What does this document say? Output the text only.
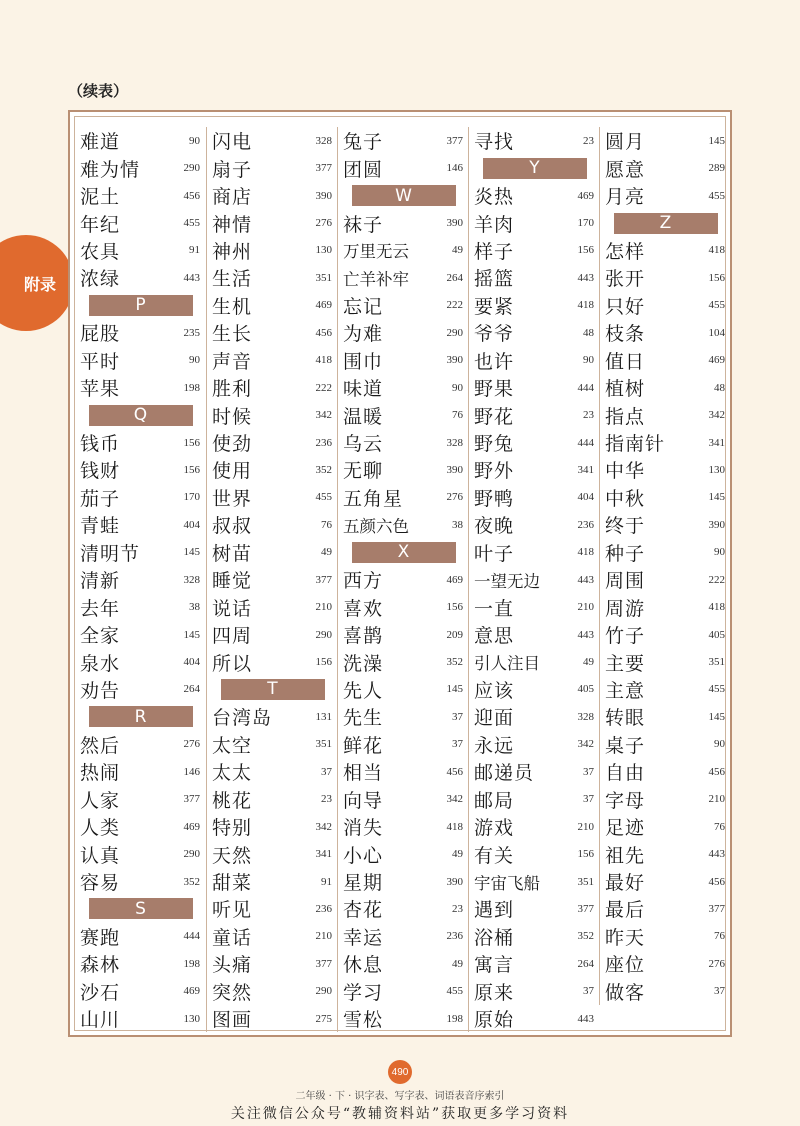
（续表）
附录
难道	90
难为情	290
泥土	456
年纪	455
农具	91
浓绿	443
P
屁股	235
平时	90
苹果	198
Q
钱币	156
钱财	156
茄子	170
青蛙	404
清明节	145
清新	328
去年	38
全家	145
泉水	404
劝告	264
R
然后	276
热闹	146
人家	377
人类	469
认真	290
容易	352
S
赛跑	444
森林	198
沙石	469
山川	130
闪电	328
扇子	377
商店	390
神情	276
神州	130
生活	351
生机	469
生长	456
声音	418
胜利	222
时候	342
使劲	236
使用	352
世界	455
叔叔	76
树苗	49
睡觉	377
说话	210
四周	290
所以	156
T
台湾岛	131
太空	351
太太	37
桃花	23
特别	342
天然	341
甜菜	91
听见	236
童话	210
头痛	377
突然	290
图画	275
兔子	377
团圆	146
W
袜子	390
万里无云	49
亡羊补牢	264
忘记	222
为难	290
围巾	390
味道	90
温暖	76
乌云	328
无聊	390
五角星	276
五颜六色	38
X
西方	469
喜欢	156
喜鹊	209
洗澡	352
先人	145
先生	37
鲜花	37
相当	456
向导	342
消失	418
小心	49
星期	390
杏花	23
幸运	236
休息	49
学习	455
雪松	198
寻找	23
Y
炎热	469
羊肉	170
样子	156
摇篮	443
要紧	418
爷爷	48
也许	90
野果	444
野花	23
野兔	444
野外	341
野鸭	404
夜晚	236
叶子	418
一望无边	443
一直	210
意思	443
引人注目	49
应该	405
迎面	328
永远	342
邮递员	37
邮局	37
游戏	210
有关	156
宇宙飞船	351
遇到	377
浴桶	352
寓言	264
原来	37
原始	443
圆月	145
愿意	289
月亮	455
Z
怎样	418
张开	156
只好	455
枝条	104
值日	469
植树	48
指点	342
指南针	341
中华	130
中秋	145
终于	390
种子	90
周围	222
周游	418
竹子	405
主要	351
主意	455
转眼	145
桌子	90
自由	456
字母	210
足迹	76
祖先	443
最好	456
最后	377
昨天	76
座位	276
做客	37
490
二年级 · 下 · 识字表、写字表、词语表音序索引
关注微信公众号“教辅资料站”获取更多学习资料
